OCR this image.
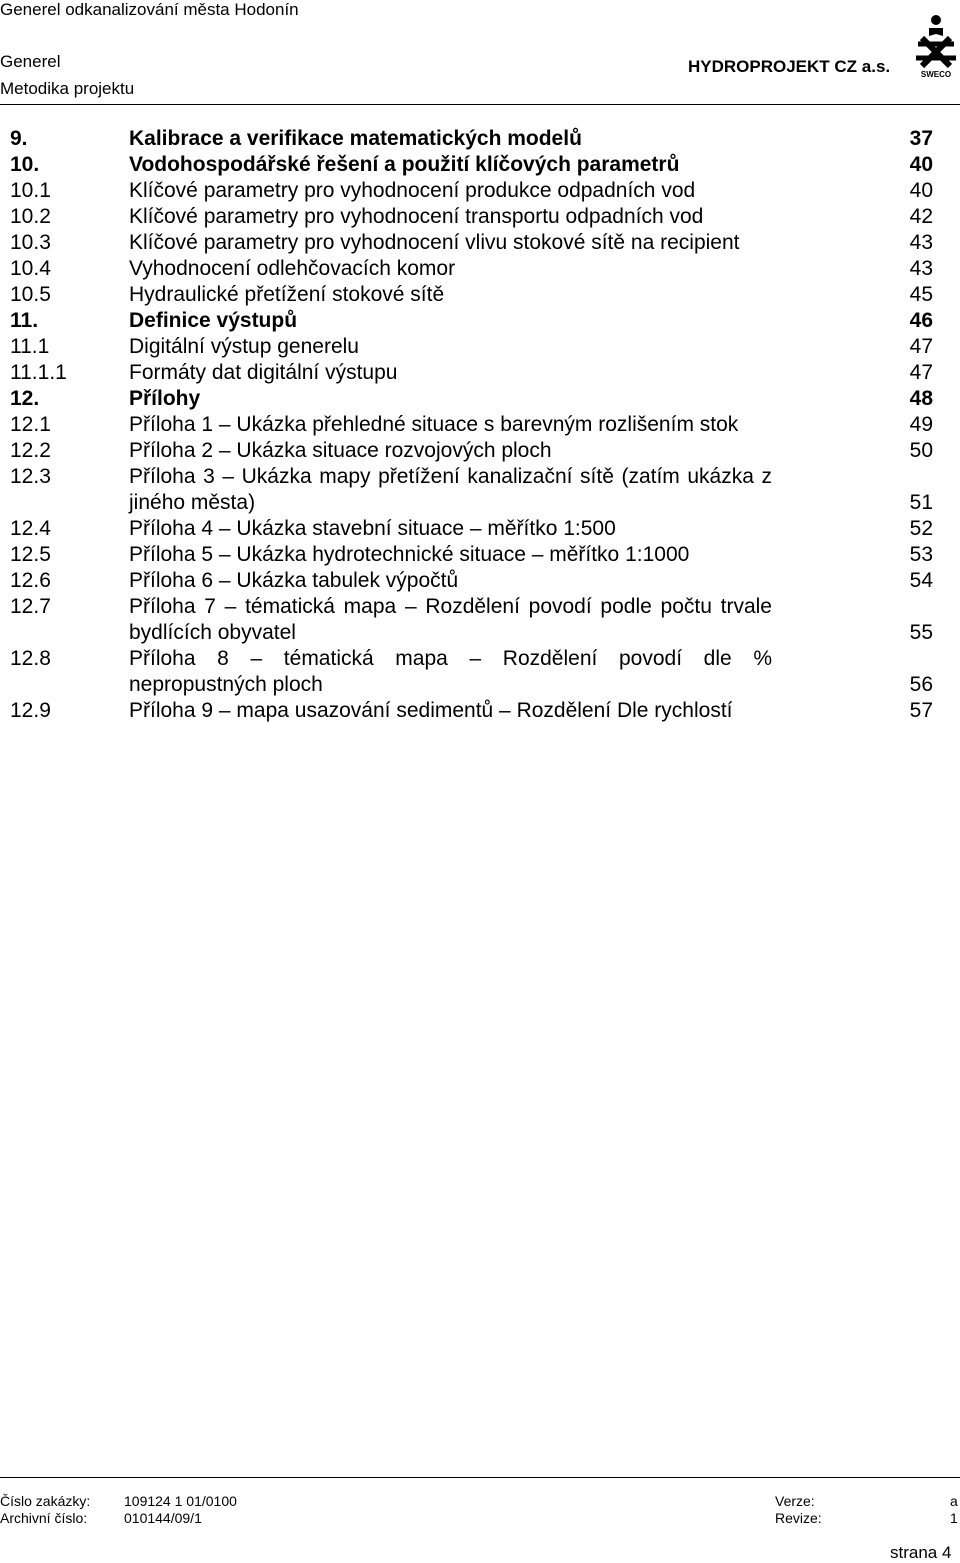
Generel odkanalizování města Hodonín
Generel
Metodika projektu
HYDROPROJEKT CZ a.s.	SWECO
9.	Kalibrace a verifikace matematických modelů	37
10.	Vodohospodářské řešení a použití klíčových parametrů	40
10.1	Klíčové parametry pro vyhodnocení produkce odpadních vod	40
10.2	Klíčové parametry pro vyhodnocení transportu odpadních vod	42
10.3	Klíčové parametry pro vyhodnocení vlivu stokové sítě na recipient	43
10.4	Vyhodnocení odlehčovacích komor	43
10.5	Hydraulické přetížení stokové sítě	45
11.	Definice výstupů	46
11.1	Digitální výstup generelu	47
11.1.1	Formáty dat digitální výstupu	47
12.	Přílohy	48
12.1	Příloha 1 – Ukázka přehledné situace s barevným rozlišením stok	49
12.2	Příloha 2 – Ukázka situace rozvojových ploch	50
12.3	Příloha 3 – Ukázka mapy přetížení kanalizační sítě (zatím ukázka z jiného města)	51
12.4	Příloha 4 – Ukázka stavební situace – měřítko 1:500	52
12.5	Příloha 5 – Ukázka hydrotechnické situace – měřítko 1:1000	53
12.6	Příloha 6 – Ukázka tabulek výpočtů	54
12.7	Příloha 7 – tématická mapa – Rozdělení povodí podle počtu trvale bydlících obyvatel	55
12.8	Příloha 8 – tématická mapa – Rozdělení povodí dle % nepropustných ploch	56
12.9	Příloha 9 – mapa usazování sedimentů – Rozdělení Dle rychlostí	57
Číslo zakázky: 109124 1 01/0100	Verze:	a
Archivní číslo:	010144/09/1	Revize:	1
strana 4
